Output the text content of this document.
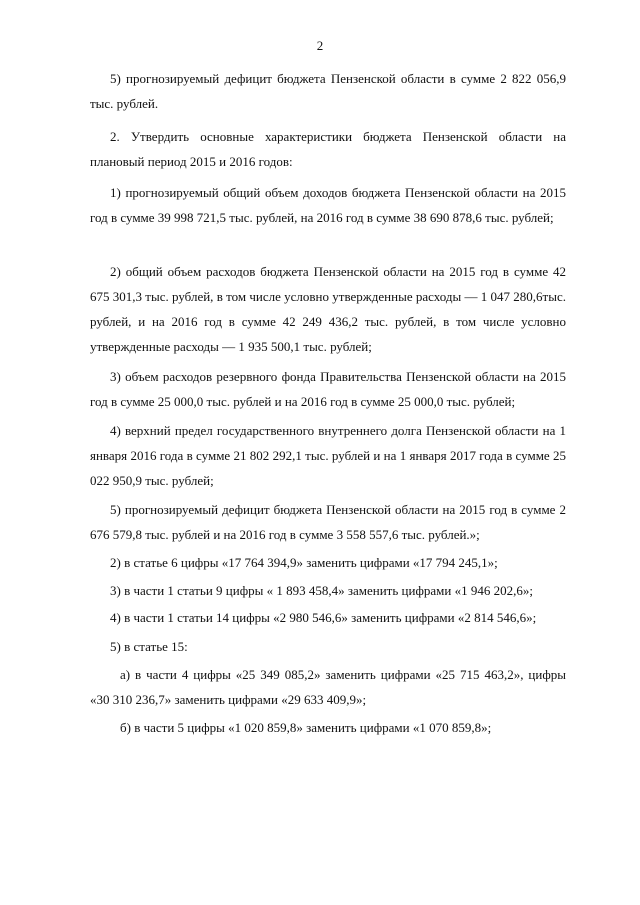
2

5) прогнозируемый дефицит бюджета Пензенской области в сумме 2 822 056,9 тыс. рублей.

2. Утвердить основные характеристики бюджета Пензенской области на плановый период 2015 и 2016 годов:

1) прогнозируемый общий объем доходов бюджета Пензенской области на 2015 год в сумме 39 998 721,5 тыс. рублей, на 2016 год в сумме 38 690 878,6 тыс. рублей;

2) общий объем расходов бюджета Пензенской области на 2015 год в сумме 42 675 301,3 тыс. рублей, в том числе условно утвержденные расходы — 1 047 280,6тыс. рублей, и на 2016 год в сумме 42 249 436,2 тыс. рублей, в том числе условно утвержденные расходы — 1 935 500,1 тыс. рублей;

3) объем расходов резервного фонда Правительства Пензенской области на 2015 год в сумме 25 000,0 тыс. рублей и на 2016 год в сумме 25 000,0 тыс. рублей;

4) верхний предел государственного внутреннего долга Пензенской области на 1 января 2016 года в сумме 21 802 292,1 тыс. рублей и на 1 января 2017 года в сумме 25 022 950,9 тыс. рублей;

5) прогнозируемый дефицит бюджета Пензенской области на 2015 год в сумме 2 676 579,8 тыс. рублей и на 2016 год в сумме 3 558 557,6 тыс. рублей.»;

2) в статье 6 цифры «17 764 394,9» заменить цифрами «17 794 245,1»;

3) в части 1 статьи 9 цифры « 1 893 458,4» заменить цифрами «1 946 202,6»;

4) в части 1 статьи 14 цифры «2 980 546,6» заменить цифрами «2 814 546,6»;

5) в статье 15:

а) в части 4 цифры «25 349 085,2» заменить цифрами «25 715 463,2», цифры «30 310 236,7» заменить цифрами «29 633 409,9»;

б) в части 5 цифры «1 020 859,8» заменить цифрами «1 070 859,8»;
